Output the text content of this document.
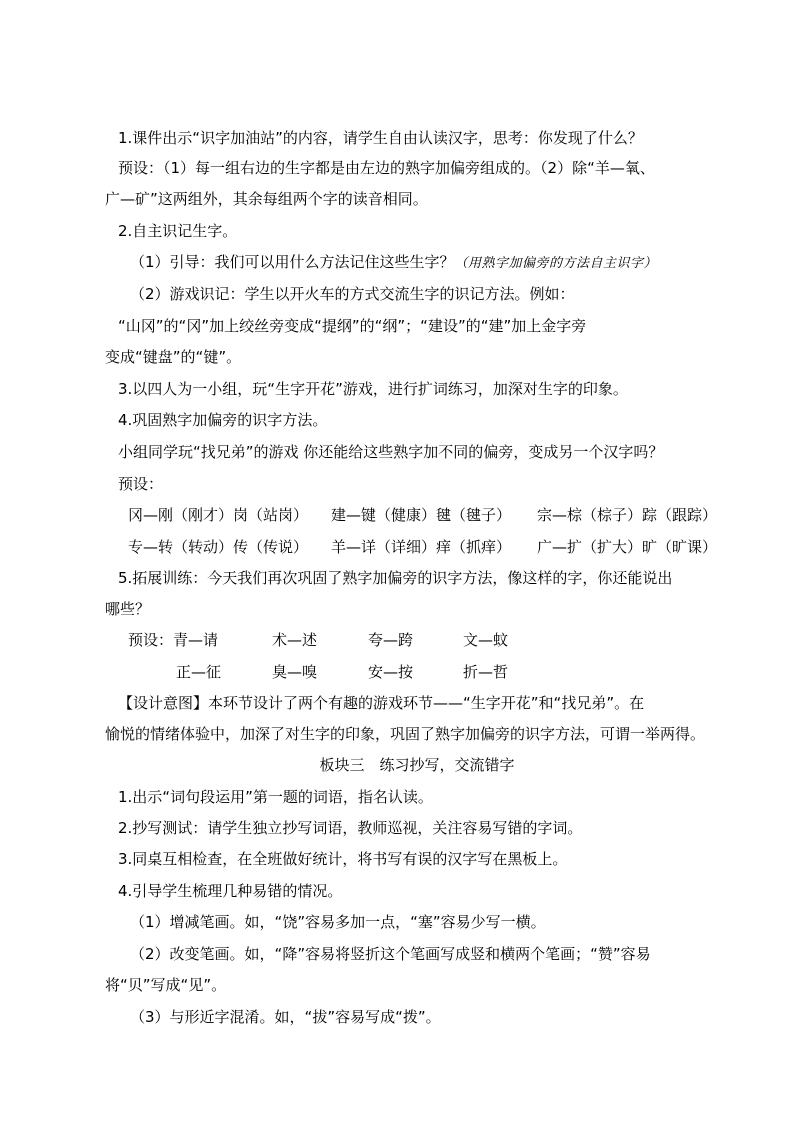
1.课件出示“识字加油站”的内容，请学生自由认读汉字，思考：你发现了什么？
预设：（1）每一组右边的生字都是由左边的熟字加偏旁组成的。（2）除“羊—氧、
广—矿”这两组外，其余每组两个字的读音相同。
2.自主识记生字。
（1）引导：我们可以用什么方法记住这些生字？（用熟字加偏旁的方法自主识字）
（2）游戏识记：学生以开火车的方式交流生字的识记方法。例如：
“山冈”的“冈”加上绞丝旁变成“提纲”的“纲”；“建设”的“建”加上金字旁
变成“键盘”的“键”。
3.以四人为一小组，玩“生字开花”游戏，进行扩词练习，加深对生字的印象。
4.巩固熟字加偏旁的识字方法。
小组同学玩“找兄弟”的游戏 你还能给这些熟字加不同的偏旁，变成另一个汉字吗？
预设：
冈—刚（刚才）岗（站岗） 建—键（健康）毽（毽子） 宗—棕（棕子）踪（跟踪）
专—转（转动）传（传说） 羊—详（详细）痒（抓痒） 广—扩（扩大）旷（旷课）
5.拓展训练：今天我们再次巩固了熟字加偏旁的识字方法，像这样的字，你还能说出
哪些？
预设：青—请	术—述	夸—跨	文—蚊
正—征	臭—嗅	安—按	折—哲
【设计意图】本环节设计了两个有趣的游戏环节——“生字开花”和“找兄弟”。在
愉悦的情绪体验中，加深了对生字的印象，巩固了熟字加偏旁的识字方法，可谓一举两得。
板块三　练习抄写，交流错字
1.出示“词句段运用”第一题的词语，指名认读。
2.抄写测试：请学生独立抄写词语，教师巡视，关注容易写错的字词。
3.同桌互相检查，在全班做好统计，将书写有误的汉字写在黑板上。
4.引导学生梳理几种易错的情况。
（1）增减笔画。如，“饶”容易多加一点，“塞”容易少写一横。
（2）改变笔画。如，“降”容易将竖折这个笔画写成竖和横两个笔画；“赞”容易
将“贝”写成“见”。
（3）与形近字混淆。如，“拔”容易写成“拨”。
